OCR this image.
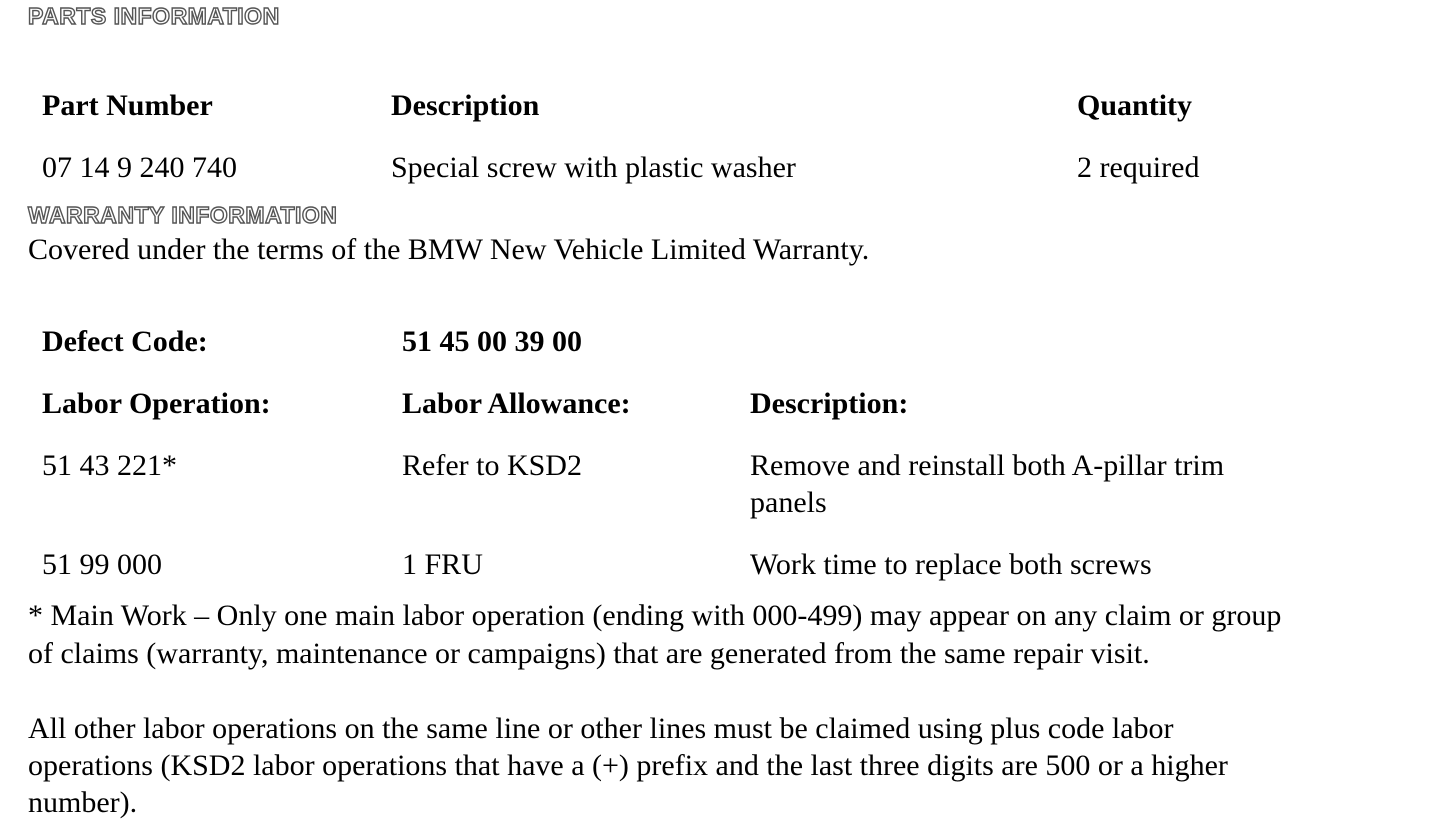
PARTS INFORMATION
Part Number	Description	Quantity
07 14 9 240 740	Special screw with plastic washer	2 required
WARRANTY INFORMATION
Covered under the terms of the BMW New Vehicle Limited Warranty.
Defect Code:	51 45 00 39 00
Labor Operation:	Labor Allowance:	Description:
51 43 221*	Refer to KSD2	Remove and reinstall both A-pillar trim
panels
51 99 000	1 FRU	Work time to replace both screws
* Main Work – Only one main labor operation (ending with 000-499) may appear on any claim or group
of claims (warranty, maintenance or campaigns) that are generated from the same repair visit.
All other labor operations on the same line or other lines must be claimed using plus code labor
operations (KSD2 labor operations that have a (+) prefix and the last three digits are 500 or a higher
number).
